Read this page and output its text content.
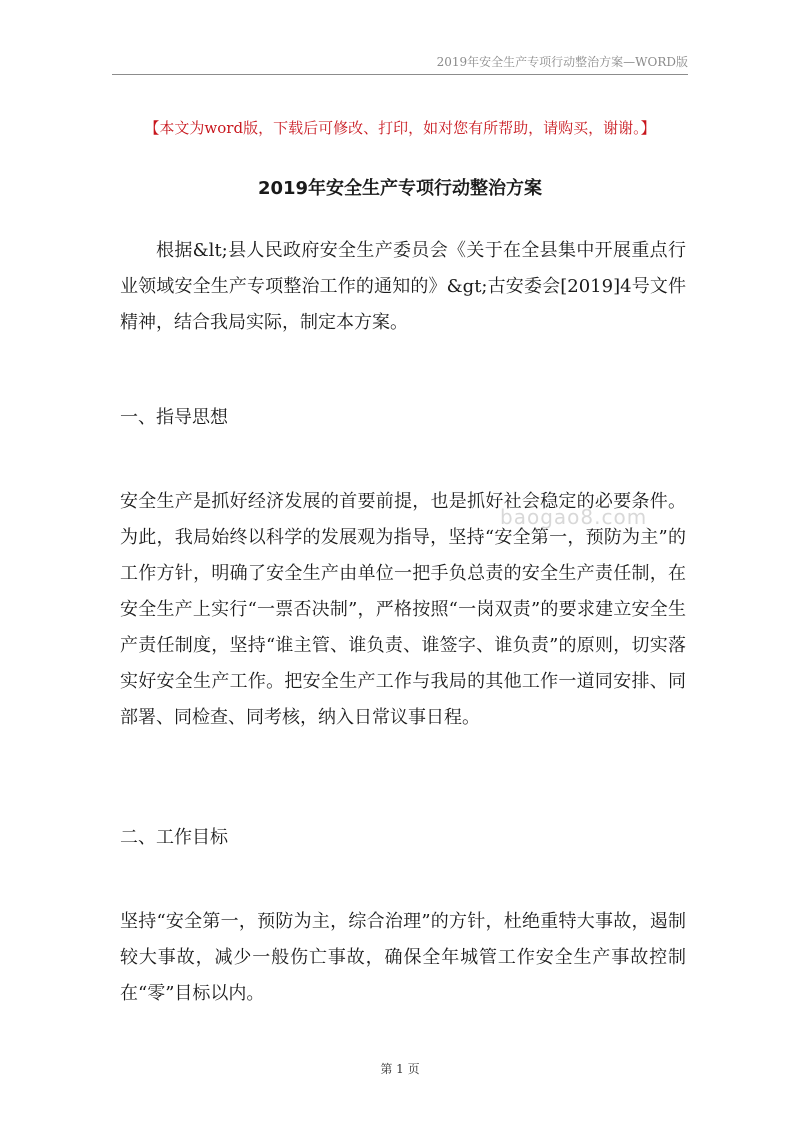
2019年安全生产专项行动整治方案—WORD版
baogao8.com
【本文为word版，下载后可修改、打印，如对您有所帮助，请购买，谢谢。】
2019年安全生产专项行动整治方案

根据&lt;县人民政府安全生产委员会《关于在全县集中开展重点行业领域安全生产专项整治工作的通知的》&gt;古安委会[2019]4号文件精神，结合我局实际，制定本方案。

一、指导思想

安全生产是抓好经济发展的首要前提，也是抓好社会稳定的必要条件。为此，我局始终以科学的发展观为指导，坚持“安全第一，预防为主”的工作方针，明确了安全生产由单位一把手负总责的安全生产责任制，在安全生产上实行“一票否决制”，严格按照“一岗双责”的要求建立安全生产责任制度，坚持“谁主管、谁负责、谁签字、谁负责”的原则，切实落实好安全生产工作。把安全生产工作与我局的其他工作一道同安排、同部署、同检查、同考核，纳入日常议事日程。

二、工作目标

坚持“安全第一，预防为主，综合治理”的方针，杜绝重特大事故，遏制较大事故，减少一般伤亡事故，确保全年城管工作安全生产事故控制在“零”目标以内。

第 1 页
